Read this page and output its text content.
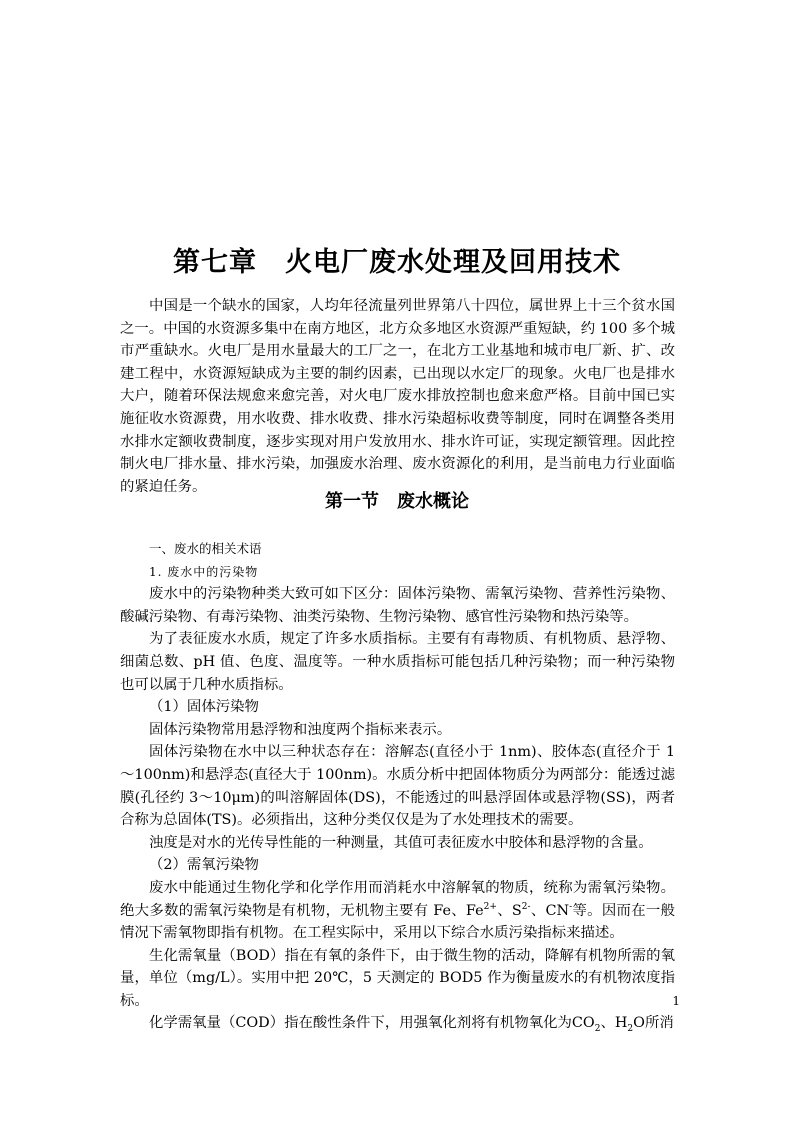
第七章　火电厂废水处理及回用技术

中国是一个缺水的国家，人均年径流量列世界第八十四位，属世界上十三个贫水国之一。中国的水资源多集中在南方地区，北方众多地区水资源严重短缺，约 100 多个城市严重缺水。火电厂是用水量最大的工厂之一，在北方工业基地和城市电厂新、扩、改建工程中，水资源短缺成为主要的制约因素，已出现以水定厂的现象。火电厂也是排水大户，随着环保法规愈来愈完善，对火电厂废水排放控制也愈来愈严格。目前中国已实施征收水资源费，用水收费、排水收费、排水污染超标收费等制度，同时在调整各类用水排水定额收费制度，逐步实现对用户发放用水、排水许可证，实现定额管理。因此控制火电厂排水量、排水污染，加强废水治理、废水资源化的利用，是当前电力行业面临的紧迫任务。

第一节　废水概论

一、废水的相关术语

1. 废水中的污染物

废水中的污染物种类大致可如下区分：固体污染物、需氧污染物、营养性污染物、酸碱污染物、有毒污染物、油类污染物、生物污染物、感官性污染物和热污染等。

为了表征废水水质，规定了许多水质指标。主要有有毒物质、有机物质、悬浮物、细菌总数、pH 值、色度、温度等。一种水质指标可能包括几种污染物；而一种污染物也可以属于几种水质指标。

（1）固体污染物

固体污染物常用悬浮物和浊度两个指标来表示。

固体污染物在水中以三种状态存在：溶解态(直径小于 1nm)、胶体态(直径介于 1～100nm)和悬浮态(直径大于 100nm)。水质分析中把固体物质分为两部分：能透过滤膜(孔径约 3～10μm)的叫溶解固体(DS)，不能透过的叫悬浮固体或悬浮物(SS)，两者合称为总固体(TS)。必须指出，这种分类仅仅是为了水处理技术的需要。

浊度是对水的光传导性能的一种测量，其值可表征废水中胶体和悬浮物的含量。

（2）需氧污染物

废水中能通过生物化学和化学作用而消耗水中溶解氧的物质，统称为需氧污染物。绝大多数的需氧污染物是有机物，无机物主要有 Fe、$Fe^{2+}$、$S^{2-}$、CN-等。因而在一般情况下需氧物即指有机物。在工程实际中，采用以下综合水质污染指标来描述。

生化需氧量（BOD）指在有氧的条件下，由于微生物的活动，降解有机物所需的氧量，单位（mg/L）。实用中把 20℃，5 天测定的 BOD5 作为衡量废水的有机物浓度指标。

化学需氧量（COD）指在酸性条件下，用强氧化剂将有机物氧化为$CO_2$、$H_2O$所消

1
